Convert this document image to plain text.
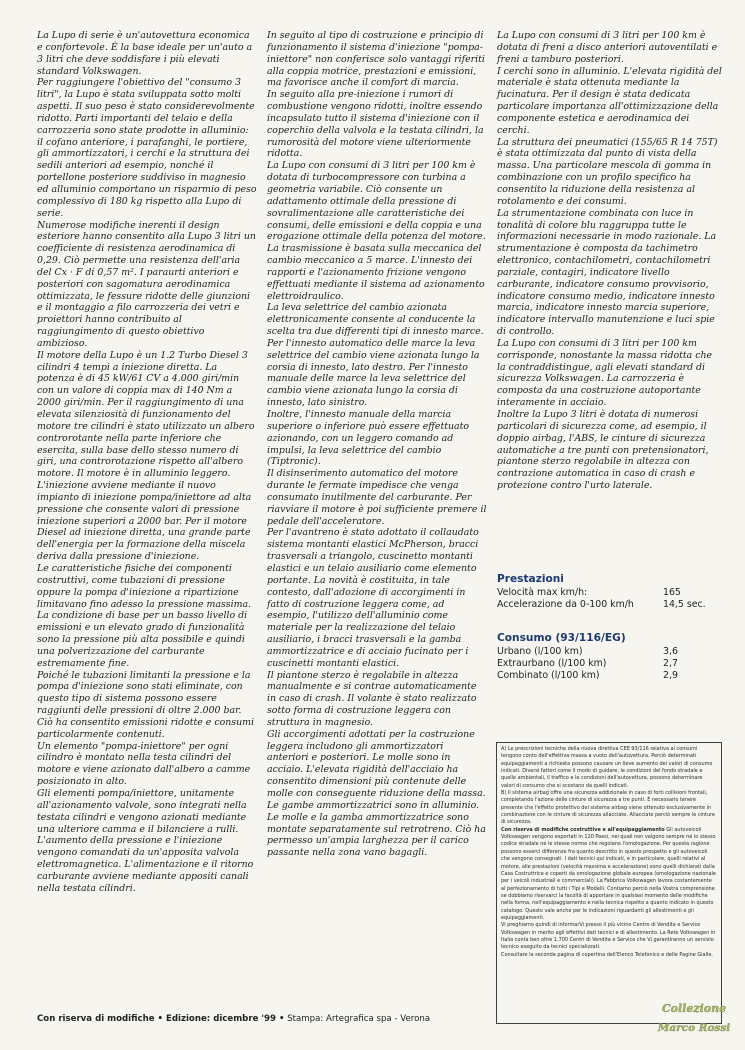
La Lupo di serie è un'autovettura economica e confortevole. È la base ideale per un'auto a 3 litri che deve soddisfare i più elevati standard Volkswagen.

Per raggiungere l'obiettivo del "consumo 3 litri", la Lupo è stata sviluppata sotto molti aspetti. Il suo peso è stato considerevolmente ridotto. Parti importanti del telaio e della carrozzeria sono state prodotte in alluminio: il cofano anteriore, i parafanghi, le portiere, gli ammortizzatori, i cerchi e la struttura dei sedili anteriori ad esempio, nonché il portellone posteriore suddiviso in magnesio ed alluminio comportano un risparmio di peso complessivo di 180 kg rispetto alla Lupo di serie.

Numerose modifiche inerenti il design esteriore hanno consentito alla Lupo 3 litri un coefficiente di resistenza aerodinamica di 0,29. Ciò permette una resistenza dell'aria del Cx · F di 0,57 m². I paraurti anteriori e posteriori con sagomatura aerodinamica ottimizzata, le fessure ridotte delle giunzioni e il montaggio a filo carrozzeria dei vetri e proiettori hanno contribuito al raggiungimento di questo obiettivo ambizioso.

Il motore della Lupo è un 1.2 Turbo Diesel 3 cilindri 4 tempi a iniezione diretta. La potenza è di 45 kW/61 CV a 4.000 giri/min con un valore di coppia max di 140 Nm a 2000 giri/min. Per il raggiungimento di una elevata silenziosità di funzionamento del motore tre cilindri è stato utilizzato un albero controrotante nella parte inferiore che esercita, sulla base dello stesso numero di giri, una controrotazione rispetto all'albero motore. Il motore è in alluminio leggero. L'iniezione avviene mediante il nuovo impianto di iniezione pompa/iniettore ad alta pressione che consente valori di pressione iniezione superiori a 2000 bar. Per il motore Diesel ad iniezione diretta, una grande parte dell'energia per la formazione della miscela deriva dalla pressione d'iniezione.

Le caratteristiche fisiche dei componenti costruttivi, come tubazioni di pressione oppure la pompa d'iniezione a ripartizione limitavano fino adesso la pressione massima.

La condizione di base per un basso livello di emissioni e un elevato grado di funzionalità sono la pressione più alta possibile e quindi una polverizzazione del carburante estremamente fine.

Poiché le tubazioni limitanti la pressione e la pompa d'iniezione sono stati eliminate, con questo tipo di sistema possono essere raggiunti delle pressioni di oltre 2.000 bar. Ciò ha consentito emissioni ridotte e consumi particolarmente contenuti.

Un elemento "pompa-iniettore" per ogni cilindro è montato nella testa cilindri del motore e viene azionato dall'albero a camme posizionato in alto.

Gli elementi pompa/iniettore, unitamente all'azionamento valvole, sono integrati nella testata cilindri e vengono azionati mediante una ulteriore camma e il bilanciere a rulli. L'aumento della pressione e l'iniezione vengono comandati da un'apposita valvola elettromagnetica. L'alimentazione e il ritorno carburante avviene mediante appositi canali nella testata cilindri.

In seguito al tipo di costruzione e principio di funzionamento il sistema d'iniezione "pompa-iniettore" non conferisce solo vantaggi riferiti alla coppia motrice, prestazioni e emissioni, ma favorisce anche il comfort di marcia.

In seguito alla pre-iniezione i rumori di combustione vengono ridotti, inoltre essendo incapsulato tutto il sistema d'iniezione con il coperchio della valvola e la testata cilindri, la rumorosità del motore viene ulteriormente ridotta.

La Lupo con consumi di 3 litri per 100 km è dotata di turbocompressore con turbina a geometria variabile. Ciò consente un adattamento ottimale della pressione di sovralimentazione alle caratteristiche dei consumi, delle emissioni e della coppia e una erogazione ottimale della potenza del motore.

La trasmissione è basata sulla meccanica del cambio meccanico a 5 marce. L'innesto dei rapporti e l'azionamento frizione vengono effettuati mediante il sistema ad azionamento elettroidraulico.

La leva selettrice del cambio azionata elettronicamente consente al conducente la scelta tra due differenti tipi di innesto marce. Per l'innesto automatico delle marce la leva selettrice del cambio viene azionata lungo la corsia di innesto, lato destro. Per l'innesto manuale delle marce la leva selettrice del cambio viene azionata lungo la corsia di innesto, lato sinistro.

Inoltre, l'innesto manuale della marcia superiore o inferiore può essere effettuato azionando, con un leggero comando ad impulsi, la leva selettrice del cambio (Tiptronic).

Il disinserimento automatico del motore durante le fermate impedisce che venga consumato inutilmente del carburante. Per riavviare il motore è poi sufficiente premere il pedale dell'acceleratore.

Per l'avantreno è stato adottato il collaudato sistema montanti elastici McPherson, bracci trasversali a triangolo, cuscinetto montanti elastici e un telaio ausiliario come elemento portante. La novità è costituita, in tale contesto, dall'adozione di accorgimenti in fatto di costruzione leggera come, ad esempio, l'utilizzo dell'alluminio come materiale per la realizzazione del telaio ausiliario, i bracci trasversali e la gamba ammortizzatrice e di acciaio fucinato per i cuscinetti montanti elastici.

Il piantone sterzo è regolabile in altezza manualmente e si contrae automaticamente in caso di crash. Il volante è stato realizzato sotto forma di costruzione leggera con struttura in magnesio.

Gli accorgimenti adottati per la costruzione leggera includono gli ammortizzatori anteriori e posteriori. Le molle sono in acciaio. L'elevata rigidità dell'acciaio ha consentito dimensioni più contenute delle molle con conseguente riduzione della massa. Le gambe ammortizzatrici sono in alluminio. Le molle e la gamba ammortizzatrice sono montate separatamente sul retrotreno. Ciò ha permesso un'ampia larghezza per il carico passante nella zona vano bagagli.

La Lupo con consumi di 3 litri per 100 km è dotata di freni a disco anteriori autoventilati e freni a tamburo posteriori.

I cerchi sono in alluminio. L'elevata rigidità del materiale è stata ottenuta mediante la fucinatura. Per il design è stata dedicata particolare importanza all'ottimizzazione della componente estetica e aerodinamica dei cerchi.

La struttura dei pneumatici (155/65 R 14 75T) è stata ottimizzata dal punto di vista della massa. Una particolare mescola di gomma in combinazione con un profilo specifico ha consentito la riduzione della resistenza al rotolamento e dei consumi.

La strumentazione combinata con luce in tonalità di colore blu raggruppa tutte le informazioni necessarie in modo razionale. La strumentazione è composta da tachimetro elettronico, contachilometri, contachilometri parziale, contagiri, indicatore livello carburante, indicatore consumo provvisorio, indicatore consumo medio, indicatore innesto marcia, indicatore innesto marcia superiore, indicatore intervallo manutenzione e luci spie di controllo.

La Lupo con consumi di 3 litri per 100 km corrisponde, nonostante la massa ridotta che la contraddistingue, agli elevati standard di sicurezza Volkswagen. La carrozzeria è composta da una costruzione autoportante interamente in acciaio.

Inoltre la Lupo 3 litri è dotata di numerosi particolari di sicurezza come, ad esempio, il doppio airbag, l'ABS, le cinture di sicurezza automatiche a tre punti con pretensionatori, piantone sterzo regolabile in altezza con contrazione automatica in caso di crash e protezione contro l'urto laterale.

Prestazioni
Velocità max km/h:	165
Accelerazione da 0-100 km/h	14,5 sec.
Consumo (93/116/EG)
Urbano (l/100 km)	3,6
Extraurbano (l/100 km)	2,7
Combinato (l/100 km)	2,9

A) Le prescrizioni tecniche della nuova direttiva CEE 93/116 relativa ai consumi tengono conto dell'effettiva massa a vuoto dell'autovettura. Perciò determinati equipaggiamenti a richiesta possono causare un lieve aumento dei valori di consumo indicati. Diversi fattori come il modo di guidare, le condizioni del fondo stradale e quelle ambientali, il traffico e le condizioni dell'autovettura, possono determinare valori di consumo che si scostano da quelli indicati.

B) Il sistema airbag offre una sicurezza addizionale in caso di forti collisioni frontali, completando l'azione delle cinture di sicurezza a tre punti. È necessario tenere presente che l'effetto protettivo del sistema airbag viene ottenuto esclusivamente in combinazione con le cinture di sicurezza allacciate. Allacciate perciò sempre le cinture di sicurezza.

Con riserva di modifiche costruttive e all'equipaggiamento Gli autoveicoli Volkswagen vengono esportati in 120 Paesi, nei quali non valgono sempre né lo stesso codice stradale né le stesse norme che regolano l'omologazione. Per questa ragione possono esserci differenze fra quanto descritto in questo prospetto e gli autoveicoli che vengono consegnati. I dati tecnici qui indicati, e in particolare, quelli relativi al motore, alle prestazioni (velocità massima e accelerazione) sono quelli dichiarati dalla Casa Costruttrice e coperti da omologazione globale europea (omologazione nazionale per i veicoli industriali e commerciali). La Fabbrica Volkswagen lavora costantemente al perfezionamento di tutti i Tipi e Modelli. Contiamo perciò nella Vostra comprensione se dobbiamo riservarci la facoltà di apportare in qualsiasi momento delle modifiche nella forma, nell'equipaggiamento e nella tecnica rispetto a quanto indicato in questo catalogo. Questo vale anche per le indicazioni riguardanti gli allestimenti e gli equipaggiamenti.

Vi preghiamo quindi di informarVi presso il più vicino Centro di Vendita e Service Volkswagen in merito agli effettivi dati tecnici e di allestimento. La Rete Volkswagen in Italia conta ben oltre 1.700 Centri di Vendita e Service che Vi garantiranno un servizio tecnico eseguito da tecnici specializzati.

Consultare la seconda pagina di copertina dell'Elenco Telefonico e delle Pagine Gialle.

Con riserva di modifiche • Edizione: dicembre '99 • Stampa: Artegrafica spa - Verona
Collezione
Marco Rossi
